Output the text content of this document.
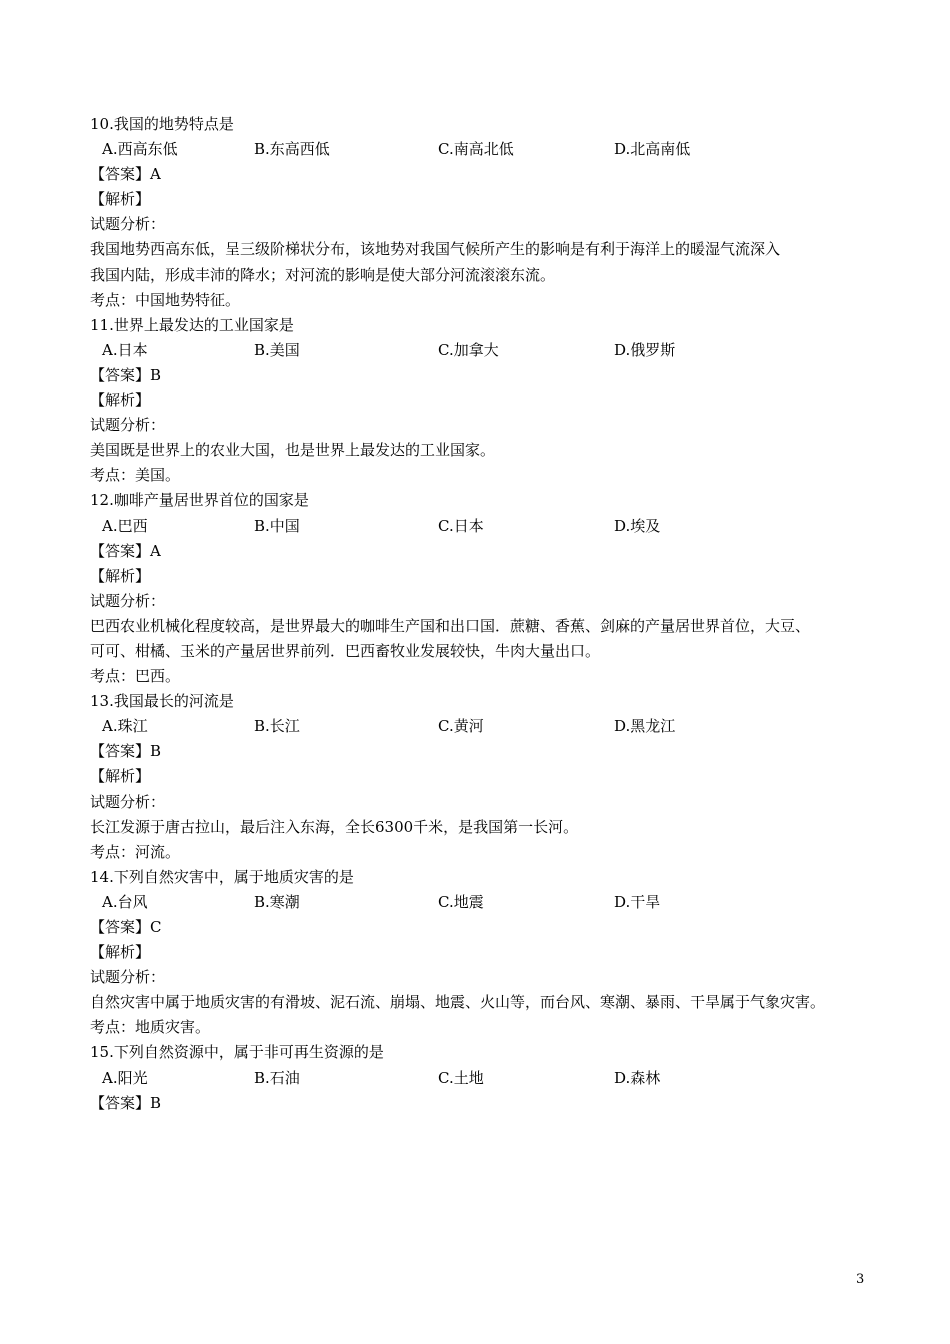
10.我国的地势特点是
A.西高东低	B.东高西低	C.南高北低	D.北高南低
【答案】A
【解析】
试题分析：
我国地势西高东低，呈三级阶梯状分布，该地势对我国气候所产生的影响是有利于海洋上的暖湿气流深入
我国内陆，形成丰沛的降水；对河流的影响是使大部分河流滚滚东流。
考点：中国地势特征。
11.世界上最发达的工业国家是
A.日本	B.美国	C.加拿大	D.俄罗斯
【答案】B
【解析】
试题分析：
美国既是世界上的农业大国，也是世界上最发达的工业国家。
考点：美国。
12.咖啡产量居世界首位的国家是
A.巴西	B.中国	C.日本	D.埃及
【答案】A
【解析】
试题分析：
巴西农业机械化程度较高，是世界最大的咖啡生产国和出口国．蔗糖、香蕉、剑麻的产量居世界首位，大豆、
可可、柑橘、玉米的产量居世界前列．巴西畜牧业发展较快，牛肉大量出口。
考点：巴西。
13.我国最长的河流是
A.珠江	B.长江	C.黄河	D.黑龙江
【答案】B
【解析】
试题分析：
长江发源于唐古拉山，最后注入东海，全长6300千米，是我国第一长河。
考点：河流。
14.下列自然灾害中，属于地质灾害的是
A.台风	B.寒潮	C.地震	D.干旱
【答案】C
【解析】
试题分析：
自然灾害中属于地质灾害的有滑坡、泥石流、崩塌、地震、火山等，而台风、寒潮、暴雨、干旱属于气象灾害。
考点：地质灾害。
15.下列自然资源中，属于非可再生资源的是
A.阳光	B.石油	C.土地	D.森林
【答案】B
3
